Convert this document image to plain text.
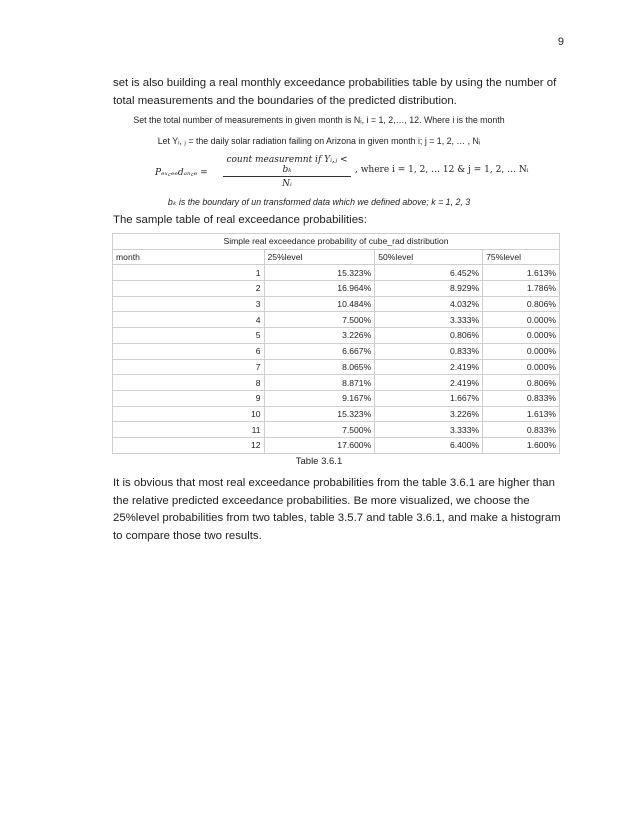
9

set is also building a real monthly exceedance probabilities table by using the number of total measurements and the boundaries of the predicted distribution.

Set the total number of measurements in given month is Nᵢ, i = 1, 2,…, 12. Where i is the month
Let Yᵢ, ⱼ = the daily solar radiation failing on Arizona in given month i; j = 1, 2, … , Nᵢ
Pₑₓ꜀ₑₑdₐₙ꜀ₑ =
count measuremnt if Yᵢ,ⱼ < bₖ
Nᵢ
, where i = 1, 2, … 12 & j = 1, 2, … Nᵢ
bₖ is the boundary of un transformed data which we defined above; k = 1, 2, 3

The sample table of real exceedance probabilities:

Simple real exceedance probability of cube_rad distribution			
month	25%level	50%level	75%level
1	15.323%	6.452%	1.613%
2	16.964%	8.929%	1.786%
3	10.484%	4.032%	0.806%
4	7.500%	3.333%	0.000%
5	3.226%	0.806%	0.000%
6	6.667%	0.833%	0.000%
7	8.065%	2.419%	0.000%
8	8.871%	2.419%	0.806%
9	9.167%	1.667%	0.833%
10	15.323%	3.226%	1.613%
11	7.500%	3.333%	0.833%
12	17.600%	6.400%	1.600%
Table 3.6.1

It is obvious that most real exceedance probabilities from the table 3.6.1 are higher than the relative predicted exceedance probabilities. Be more visualized, we choose the 25%level probabilities from two tables, table 3.5.7 and table 3.6.1, and make a histogram to compare those two results.
